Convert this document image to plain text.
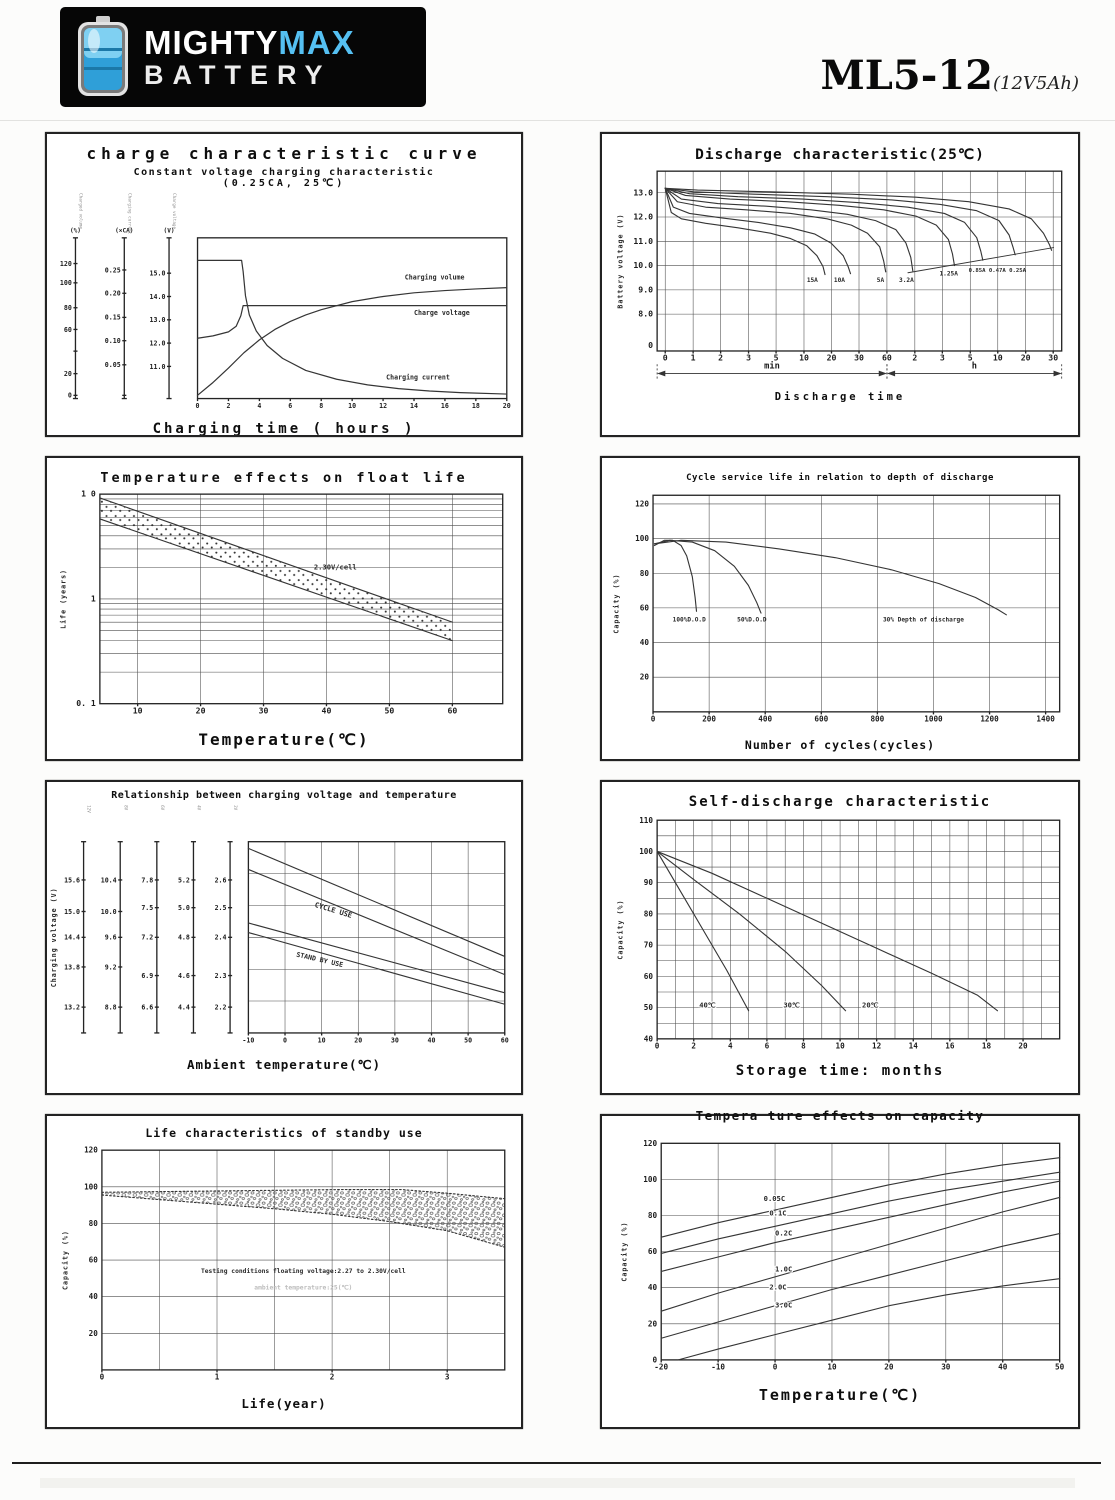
MIGHTYMAX
BATTERY	ML5-12(12V5Ah)
charge characteristic curve
Constant voltage charging characteristic
(0.25CA, 25℃)
0	2	4	6	8	10	12	14	16	18	20
Charging volume
Charge voltage
Charging current
(%)
Charged volume
120
100
80
60
20
0
(×CA)
Charging current
0.25
0.20
0.15
0.10
0.05
(V)
Charge voltage
15.0
14.0
13.0
12.0
11.0
Charging time ( hours )
Discharge characteristic(25℃)
0	1	2	3	5	10 20 30 60	2	3	5	10 20 30
13.0
12.0
11.0
10.0
9.0
8.0
0
Battery voltage (V)	15A	10A	5A 3.2A
1.25A 0.85A 0.47A 0.25A
min	h
Discharge time
Temperature effects on float life
10	20	30	40	50	60
1 0
1
0. 1
Life (years)
2.30V/cell
Temperature(℃)
Cycle service life in relation to depth of discharge
0	200	400	600	800	1000	1200	1400
20
40
60
80
100
120
Capacity (%)	100%D.O.D	50%D.O.D	30% Depth of discharge
Number of cycles(cycles)
Relationship between charging voltage and temperature
-10	0	10	20	30	40	50	60
Charging voltage (V)	CYCLE USE
STAND BY USE
12V
15.6
15.0
14.4
13.8
13.2
8V
10.4
10.0
9.6
9.2
8.8
6V
7.8
7.5
7.2
6.9
6.6
4V
5.2
5.0
4.8
4.6
4.4
2V
2.6
2.5
2.4
2.3
2.2
Ambient temperature(℃)
Self-discharge characteristic
0	2	4	6	8	10	12	14	16	18	20
40
50
60
70
80
90
100
110
Capacity (%)
40℃	30℃	20℃
Storage time: months
Life characteristics of standby use
0	1	2	3
20
40
60
80
100
120
Capacity (%)	Testing conditions floating voltage:2.27 to 2.30V/cell
ambient temperature:25(℃)
Life(year)
Tempera ture effects on capacity
-20	-10	0	10	20	30	40	50
0
20
40
60
80
100
120
Capacity (%)
0.05C
0.1C
0.2C
1.0C
2.0C
3.0C
Temperature(℃)
